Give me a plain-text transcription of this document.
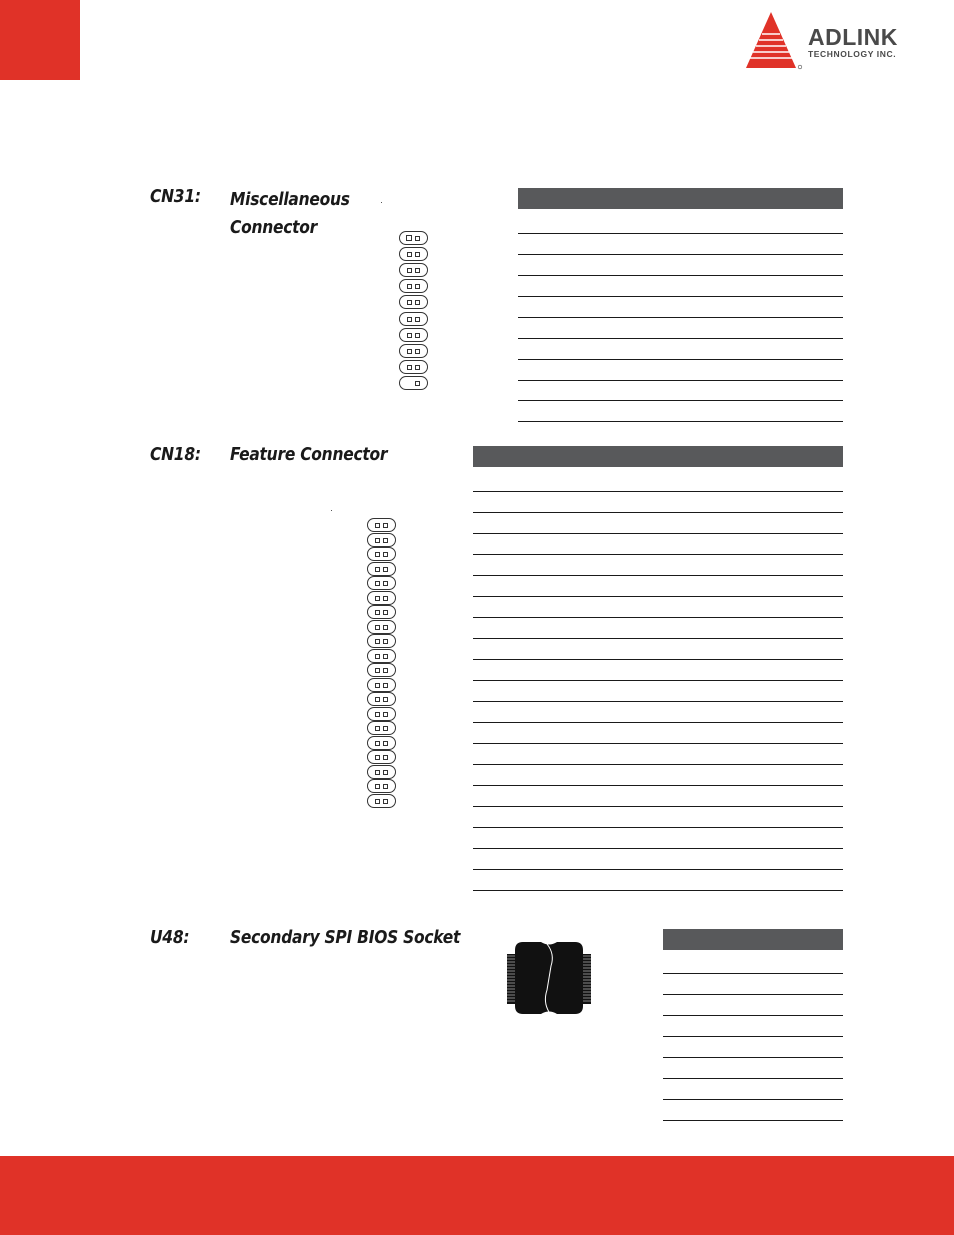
ADLINK
TECHNOLOGY INC.
CN31: Miscellaneous
Connector
CN18: Feature Connector
U48: Secondary SPI BIOS Socket
